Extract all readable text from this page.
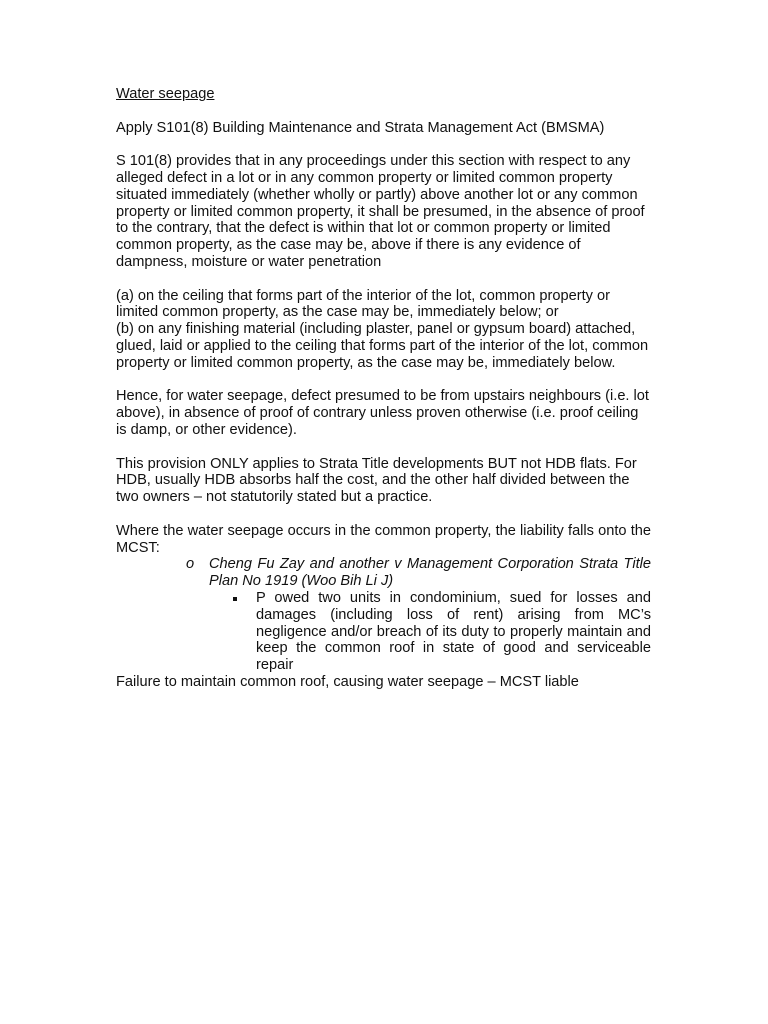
Water seepage

Apply S101(8) Building Maintenance and Strata Management Act (BMSMA)

S 101(8) provides that in any proceedings under this section with respect to any alleged defect in a lot or in any common property or limited common property situated immediately (whether wholly or partly) above another lot or any common property or limited common property, it shall be presumed, in the absence of proof to the contrary, that the defect is within that lot or common property or limited common property, as the case may be, above if there is any evidence of dampness, moisture or water penetration

(a) on the ceiling that forms part of the interior of the lot, common property or limited common property, as the case may be, immediately below; or
(b) on any finishing material (including plaster, panel or gypsum board) attached, glued, laid or applied to the ceiling that forms part of the interior of the lot, common property or limited common property, as the case may be, immediately below.

Hence, for water seepage, defect presumed to be from upstairs neighbours (i.e. lot above), in absence of proof of contrary unless proven otherwise (i.e. proof ceiling is damp, or other evidence).

This provision ONLY applies to Strata Title developments BUT not HDB flats. For HDB, usually HDB absorbs half the cost, and the other half divided between the two owners – not statutorily stated but a practice.

Where the water seepage occurs in the common property, the liability falls onto the MCST:

o Cheng Fu Zay and another v Management Corporation Strata Title Plan No 1919 (Woo Bih Li J)
P owed two units in condominium, sued for losses and damages (including loss of rent) arising from MC’s negligence and/or breach of its duty to properly maintain and keep the common roof in state of good and serviceable repair

Failure to maintain common roof, causing water seepage – MCST liable
